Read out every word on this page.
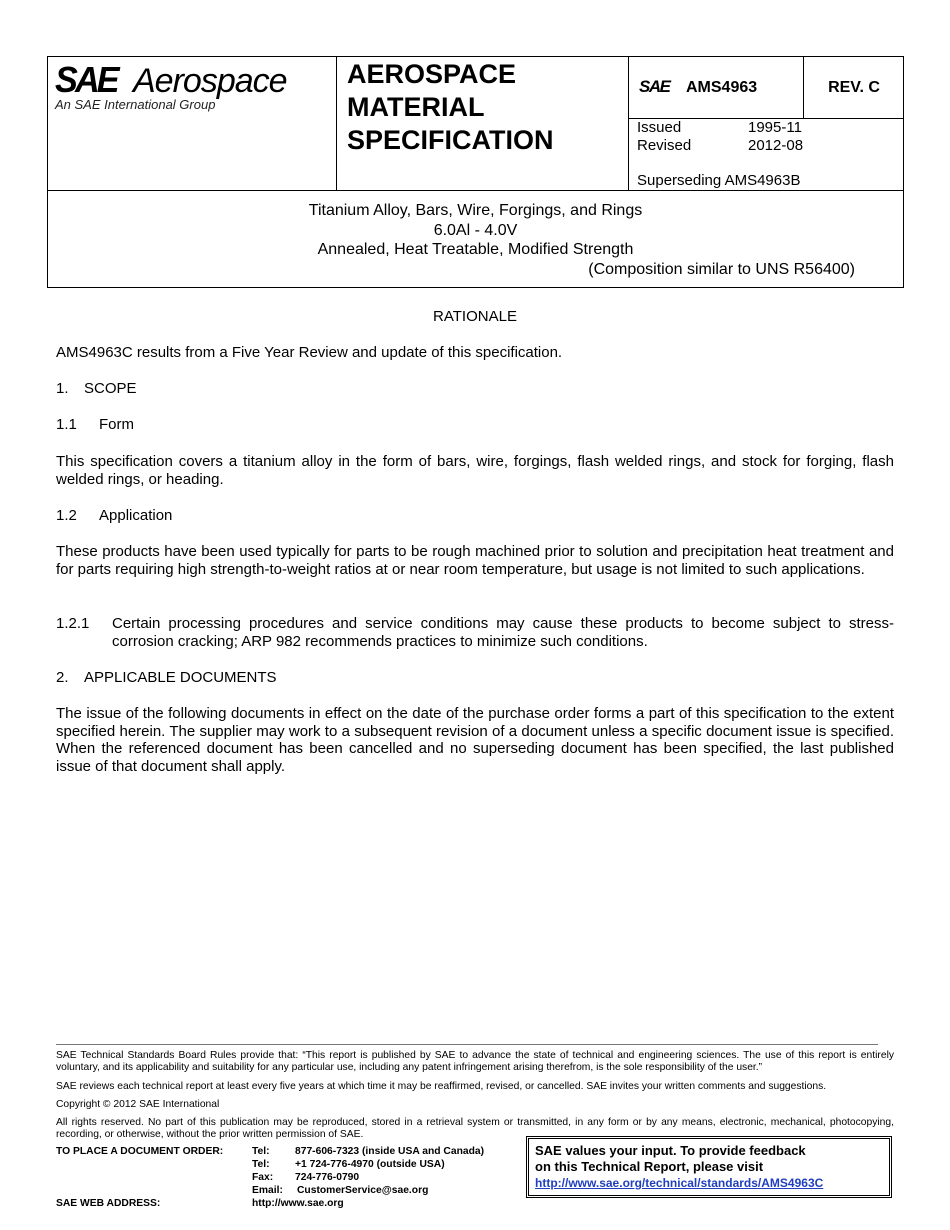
SAE Aerospace
An SAE International Group
AEROSPACE
MATERIAL
SPECIFICATION
SAE AMS4963	REV. C
Issued	1995-11
Revised	2012-08
Superseding AMS4963B
Titanium Alloy, Bars, Wire, Forgings, and Rings
6.0Al - 4.0V
Annealed, Heat Treatable, Modified Strength
(Composition similar to UNS R56400)
RATIONALE
AMS4963C results from a Five Year Review and update of this specification.
1. SCOPE
1.1 Form
This specification covers a titanium alloy in the form of bars, wire, forgings, flash welded rings, and stock for forging, flash welded rings, or heading.
1.2 Application
These products have been used typically for parts to be rough machined prior to solution and precipitation heat treatment and for parts requiring high strength-to-weight ratios at or near room temperature, but usage is not limited to such applications.
1.2.1 Certain processing procedures and service conditions may cause these products to become subject to stress-corrosion cracking; ARP 982 recommends practices to minimize such conditions.
2. APPLICABLE DOCUMENTS
The issue of the following documents in effect on the date of the purchase order forms a part of this specification to the extent specified herein. The supplier may work to a subsequent revision of a document unless a specific document issue is specified. When the referenced document has been cancelled and no superseding document has been specified, the last published issue of that document shall apply.
SAE Technical Standards Board Rules provide that: “This report is published by SAE to advance the state of technical and engineering sciences. The use of this report is entirely voluntary, and its applicability and suitability for any particular use, including any patent infringement arising therefrom, is the sole responsibility of the user.”
SAE reviews each technical report at least every five years at which time it may be reaffirmed, revised, or cancelled. SAE invites your written comments and suggestions.
Copyright © 2012 SAE International
All rights reserved. No part of this publication may be reproduced, stored in a retrieval system or transmitted, in any form or by any means, electronic, mechanical, photocopying, recording, or otherwise, without the prior written permission of SAE.
TO PLACE A DOCUMENT ORDER:	Tel: 877-606-7323 (inside USA and Canada)
Tel: +1 724-776-4970 (outside USA)
Fax: 724-776-0790
Email: CustomerService@sae.org
SAE WEB ADDRESS:	http://www.sae.org
SAE values your input. To provide feedback
on this Technical Report, please visit
http://www.sae.org/technical/standards/AMS4963C
